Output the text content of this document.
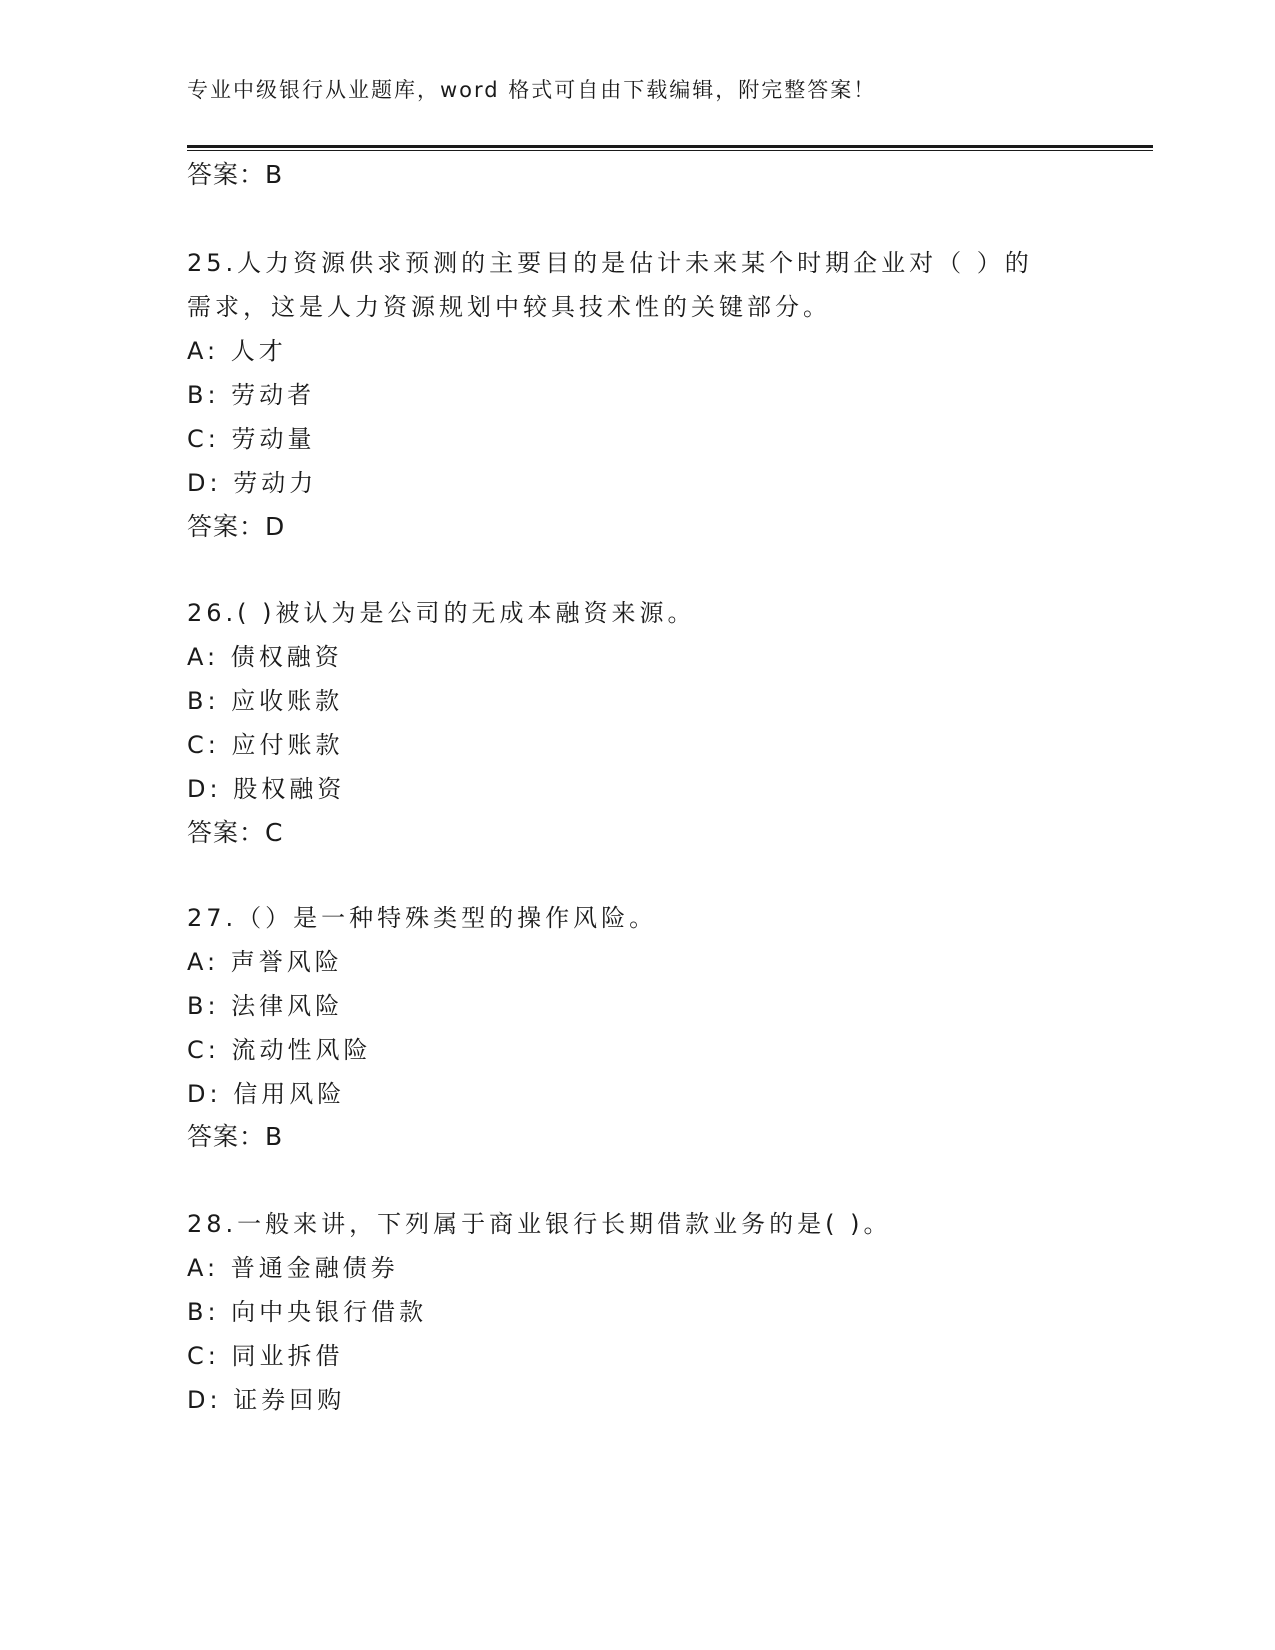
专业中级银行从业题库，word 格式可自由下载编辑，附完整答案！
答案：B
25.人力资源供求预测的主要目的是估计未来某个时期企业对（ ）的
需求，这是人力资源规划中较具技术性的关键部分。
A: 人才
B: 劳动者
C: 劳动量
D: 劳动力
答案：D
26.( )被认为是公司的无成本融资来源。
A: 债权融资
B: 应收账款
C: 应付账款
D: 股权融资
答案：C
27.（）是一种特殊类型的操作风险。
A: 声誉风险
B: 法律风险
C: 流动性风险
D: 信用风险
答案：B
28.一般来讲，下列属于商业银行长期借款业务的是( )。
A: 普通金融债券
B: 向中央银行借款
C: 同业拆借
D: 证券回购
